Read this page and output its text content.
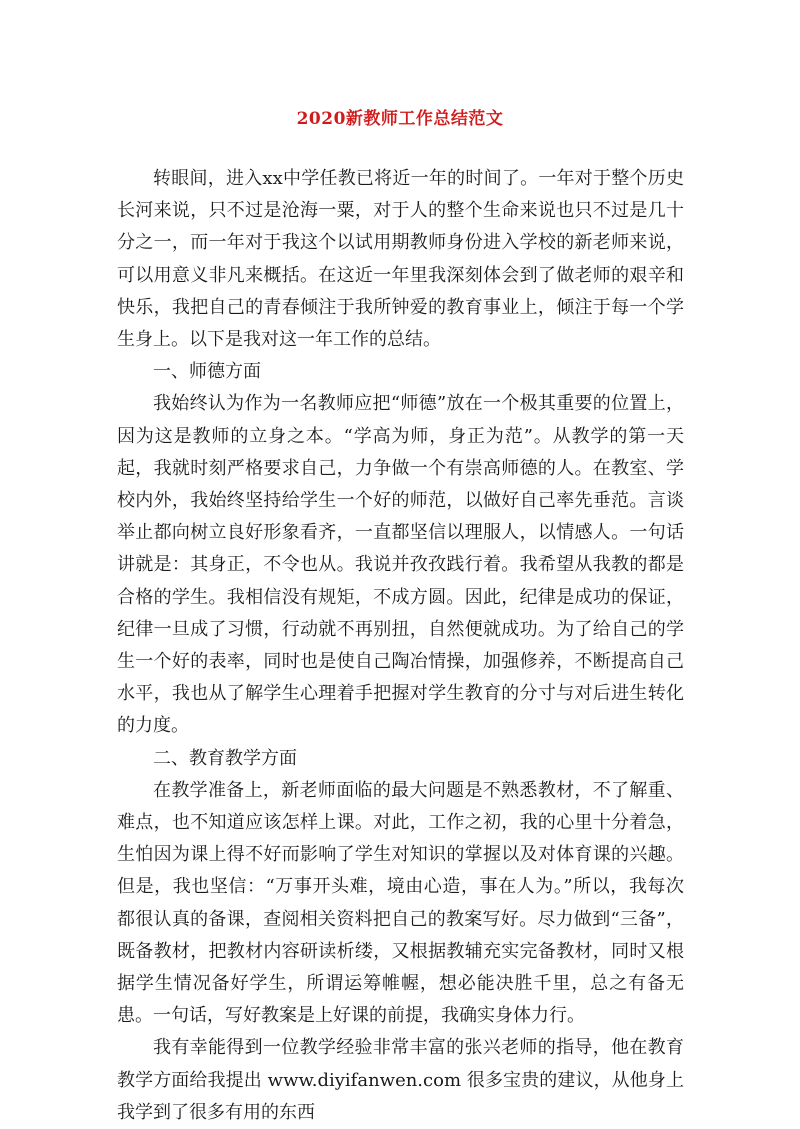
2020新教师工作总结范文

转眼间，进入xx中学任教已将近一年的时间了。一年对于整个历史长河来说，只不过是沧海一粟，对于人的整个生命来说也只不过是几十分之一，而一年对于我这个以试用期教师身份进入学校的新老师来说，可以用意义非凡来概括。在这近一年里我深刻体会到了做老师的艰辛和快乐，我把自己的青春倾注于我所钟爱的教育事业上，倾注于每一个学生身上。以下是我对这一年工作的总结。

一、师德方面

我始终认为作为一名教师应把“师德”放在一个极其重要的位置上，因为这是教师的立身之本。“学高为师，身正为范”。从教学的第一天起，我就时刻严格要求自己，力争做一个有崇高师德的人。在教室、学校内外，我始终坚持给学生一个好的师范，以做好自己率先垂范。言谈举止都向树立良好形象看齐，一直都坚信以理服人，以情感人。一句话讲就是：其身正，不令也从。我说并孜孜践行着。我希望从我教的都是合格的学生。我相信没有规矩，不成方圆。因此，纪律是成功的保证，纪律一旦成了习惯，行动就不再别扭，自然便就成功。为了给自己的学生一个好的表率，同时也是使自己陶冶情操，加强修养，不断提高自己水平，我也从了解学生心理着手把握对学生教育的分寸与对后进生转化的力度。

二、教育教学方面

在教学准备上，新老师面临的最大问题是不熟悉教材，不了解重、难点，也不知道应该怎样上课。对此，工作之初，我的心里十分着急，生怕因为课上得不好而影响了学生对知识的掌握以及对体育课的兴趣。但是，我也坚信：“万事开头难，境由心造，事在人为。”所以，我每次都很认真的备课，查阅相关资料把自己的教案写好。尽力做到“三备”，既备教材，把教材内容研读析缕，又根据教辅充实完备教材，同时又根据学生情况备好学生，所谓运筹帷幄，想必能决胜千里，总之有备无患。一句话，写好教案是上好课的前提，我确实身体力行。

我有幸能得到一位教学经验非常丰富的张兴老师的指导，他在教育教学方面给我提出 www.diyifanwen.com 很多宝贵的建议，从他身上我学到了很多有用的东西
